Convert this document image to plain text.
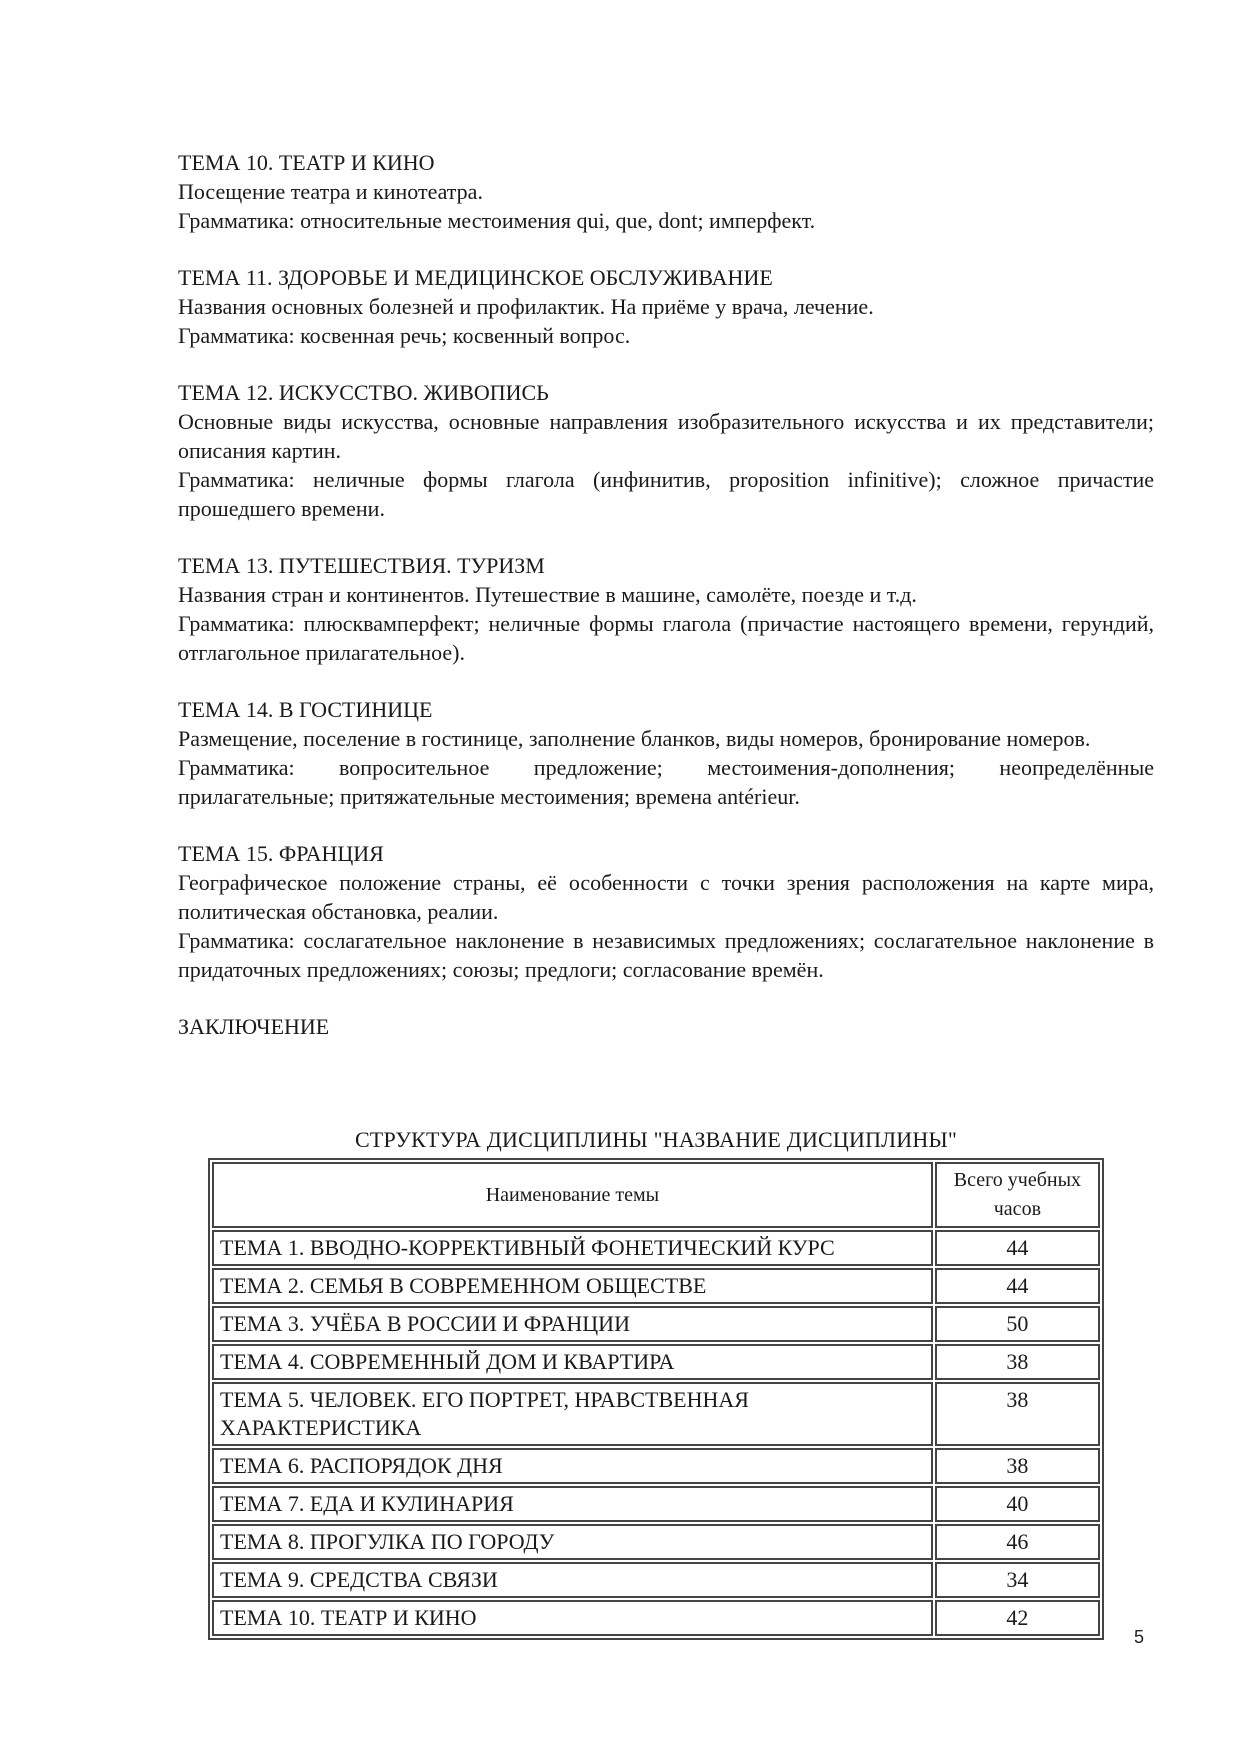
ТЕМА 10. ТЕАТР И КИНО

Посещение театра и кинотеатра.

Грамматика: относительные местоимения qui, que, dont; имперфект.

ТЕМА 11. ЗДОРОВЬЕ И МЕДИЦИНСКОЕ ОБСЛУЖИВАНИЕ

Названия основных болезней и профилактик. На приёме у врача, лечение.

Грамматика: косвенная речь; косвенный вопрос.

ТЕМА 12. ИСКУССТВО. ЖИВОПИСЬ

Основные виды искусства, основные направления изобразительного искусства и их представители; описания картин.

Грамматика: неличные формы глагола (инфинитив, proposition infinitive); сложное причастие прошедшего времени.

ТЕМА 13. ПУТЕШЕСТВИЯ. ТУРИЗМ

Названия стран и континентов. Путешествие в машине, самолёте, поезде и т.д.

Грамматика: плюсквамперфект; неличные формы глагола (причастие настоящего времени, герундий, отглагольное прилагательное).

ТЕМА 14. В ГОСТИНИЦЕ

Размещение, поселение в гостинице, заполнение бланков, виды номеров, бронирование номеров.

Грамматика: вопросительное предложение; местоимения-дополнения; неопределённые прилагательные; притяжательные местоимения; времена antérieur.

ТЕМА 15. ФРАНЦИЯ

Географическое положение страны, её особенности с точки зрения расположения на карте мира, политическая обстановка, реалии.

Грамматика: сослагательное наклонение в независимых предложениях; сослагательное наклонение в придаточных предложениях; союзы; предлоги; согласование времён.

ЗАКЛЮЧЕНИЕ
СТРУКТУРА ДИСЦИПЛИНЫ "НАЗВАНИЕ ДИСЦИПЛИНЫ"
Наименование темы	Всего учебных часов
ТЕМА 1. ВВОДНО-КОРРЕКТИВНЫЙ ФОНЕТИЧЕСКИЙ КУРС	44
ТЕМА 2. СЕМЬЯ В СОВРЕМЕННОМ ОБЩЕСТВЕ	44
ТЕМА 3. УЧЁБА В РОССИИ И ФРАНЦИИ	50
ТЕМА 4. СОВРЕМЕННЫЙ ДОМ И КВАРТИРА	38
ТЕМА 5. ЧЕЛОВЕК. ЕГО ПОРТРЕТ, НРАВСТВЕННАЯ ХАРАКТЕРИСТИКА	38
ТЕМА 6. РАСПОРЯДОК ДНЯ	38
ТЕМА 7. ЕДА И КУЛИНАРИЯ	40
ТЕМА 8. ПРОГУЛКА ПО ГОРОДУ	46
ТЕМА 9. СРЕДСТВА СВЯЗИ	34
ТЕМА 10. ТЕАТР И КИНО	42
5
